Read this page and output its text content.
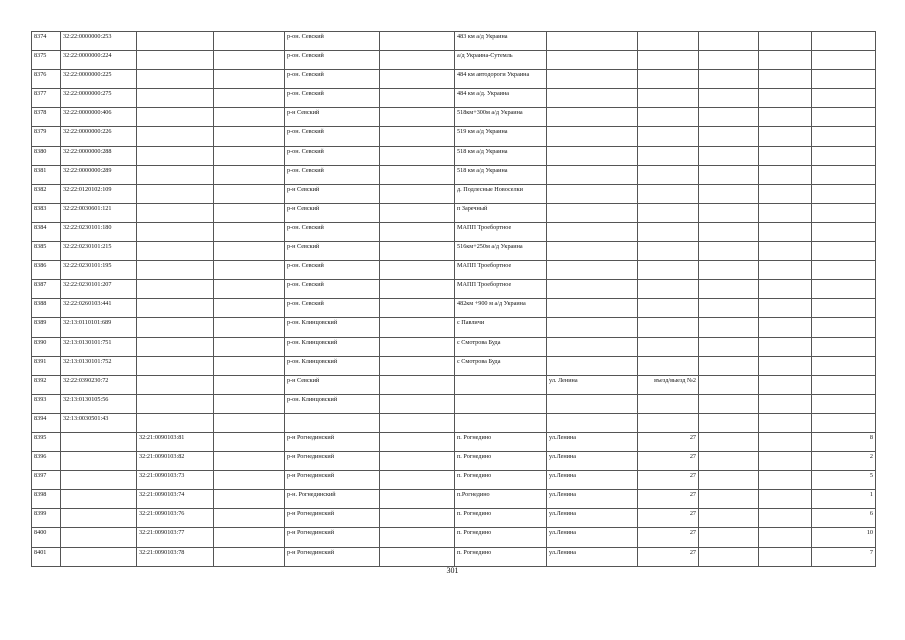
8374	32:22:0000000:253			р-он. Севский		483 км а/д Украина					
8375	32:22:0000000:224			р-он. Севский		а/д Украина-Сутемль					
8376	32:22:0000000:225			р-он. Севский		484 км автодороги Украина					
8377	32:22:0000000:275			р-он. Севский		484 км а/д. Украина					
8378	32:22:0000000:406			р-н Севский		518км+300м а/д Украина					
8379	32:22:0000000:226			р-он. Севский		519 км а/д Украина					
8380	32:22:0000000:288			р-он. Севский		518 км а/д Украина					
8381	32:22:0000000:289			р-он. Севский		518 км а/д Украина					
8382	32:22:0120102:109			р-н Севский		д. Подлесные Новоселки					
8383	32:22:0030601:121			р-н Севский		п Заречный					
8384	32:22:0230101:180			р-он. Севский		МАПП Троебортное					
8385	32:22:0230101:215			р-н Севский		516км+250м а/д Украина					
8386	32:22:0230101:195			р-он. Севский		МАПП Троебортное					
8387	32:22:0230101:207			р-он. Севский		МАПП Троебортное					
8388	32:22:0260103:441			р-он. Севский		482км +900 м а/д Украина					
8389	32:13:0110101:689			р-он. Клинцовский		с Павличи					
8390	32:13:0130101:751			р-он. Клинцовский		с Смотрова Буда					
8391	32:13:0130101:752			р-он. Клинцовский		с Смотрова Буда					
8392	32:22:0390230:72			р-н Севский			ул. Ленина	въезд/выезд №2			
8393	32:13:0130105:56			р-он. Клинцовский							
8394	32:13:0030501:43										
8395		32:21:0090103:81		р-н Рогнединский		п. Рогнедино	ул.Ленина	27			8
8396		32:21:0090103:82		р-н Рогнединский		п. Рогнедино	ул.Ленина	27			2
8397		32:21:0090103:73		р-н Рогнединский		п. Рогнедино	ул.Ленина	27			5
8398		32:21:0090103:74		р-н. Рогнединский		п.Рогнедино	ул.Ленина	27			1
8399		32:21:0090103:76		р-н Рогнединский		п. Рогнедино	ул.Ленина	27			6
8400		32:21:0090103:77		р-н Рогнединский		п. Рогнедино	ул.Ленина	27			10
8401		32:21:0090103:78		р-н Рогнединский		п. Рогнедино	ул.Ленина	27			7
301
